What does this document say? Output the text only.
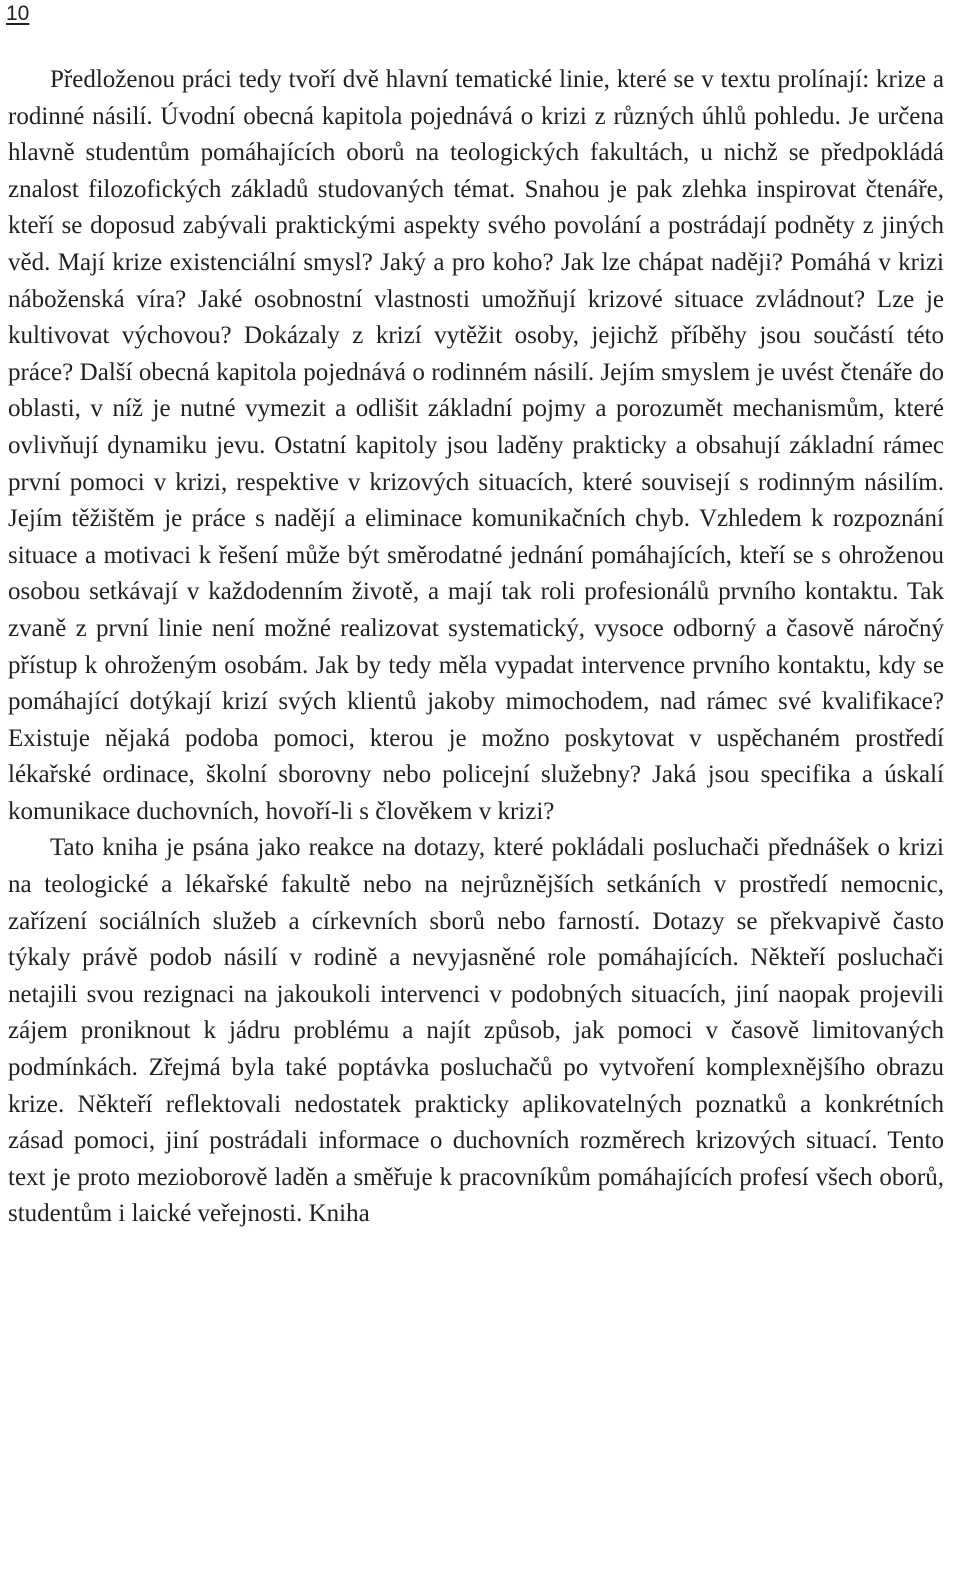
10

Předloženou práci tedy tvoří dvě hlavní tematické linie, které se v textu prolínají: krize a rodinné násilí. Úvodní obecná kapitola pojednává o krizi z různých úhlů pohledu. Je určena hlavně studentům pomáhajících oborů na teologických fakultách, u nichž se předpokládá znalost filozofických základů studovaných témat. Snahou je pak zlehka inspirovat čtenáře, kteří se doposud zabývali praktickými aspekty svého povolání a postrádají podněty z jiných věd. Mají krize existenciální smysl? Jaký a pro koho? Jak lze chápat naději? Pomáhá v krizi náboženská víra? Jaké osobnostní vlastnosti umožňují krizové situace zvládnout? Lze je kultivovat výchovou? Dokázaly z krizí vytěžit osoby, jejichž příběhy jsou součástí této práce? Další obecná kapitola pojednává o rodinném násilí. Jejím smyslem je uvést čtenáře do oblasti, v níž je nutné vymezit a odlišit základní pojmy a porozumět mechanismům, které ovlivňují dynamiku jevu. Ostatní kapitoly jsou laděny prakticky a obsahují základní rámec první pomoci v krizi, respektive v krizových situacích, které souvisejí s rodinným násilím. Jejím těžištěm je práce s nadějí a eliminace komunikačních chyb. Vzhledem k rozpoznání situace a motivaci k řešení může být směrodatné jednání pomáhajících, kteří se s ohroženou osobou setkávají v každodenním životě, a mají tak roli profesionálů prvního kontaktu. Tak zvaně z první linie není možné realizovat systematický, vysoce odborný a časově náročný přístup k ohroženým osobám. Jak by tedy měla vypadat intervence prvního kontaktu, kdy se pomáhající dotýkají krizí svých klientů jakoby mimochodem, nad rámec své kvalifikace? Existuje nějaká podoba pomoci, kterou je možno poskytovat v uspěchaném prostředí lékařské ordinace, školní sborovny nebo policejní služebny? Jaká jsou specifika a úskalí komunikace duchovních, hovoří-li s člověkem v krizi?

Tato kniha je psána jako reakce na dotazy, které pokládali posluchači přednášek o krizi na teologické a lékařské fakultě nebo na nejrůznějších setkáních v prostředí nemocnic, zařízení sociálních služeb a církevních sborů nebo farností. Dotazy se překvapivě často týkaly právě podob násilí v rodině a nevyjasněné role pomáhajících. Někteří posluchači netajili svou rezignaci na jakoukoli intervenci v podobných situacích, jiní naopak projevili zájem proniknout k jádru problému a najít způsob, jak pomoci v časově limitovaných podmínkách. Zřejmá byla také poptávka posluchačů po vytvoření komplexnějšího obrazu krize. Někteří reflektovali nedostatek prakticky aplikovatelných poznatků a konkrétních zásad pomoci, jiní postrádali informace o duchovních rozměrech krizových situací. Tento text je proto mezioborově laděn a směřuje k pracovníkům pomáhajících profesí všech oborů, studentům i laické veřejnosti. Kniha
